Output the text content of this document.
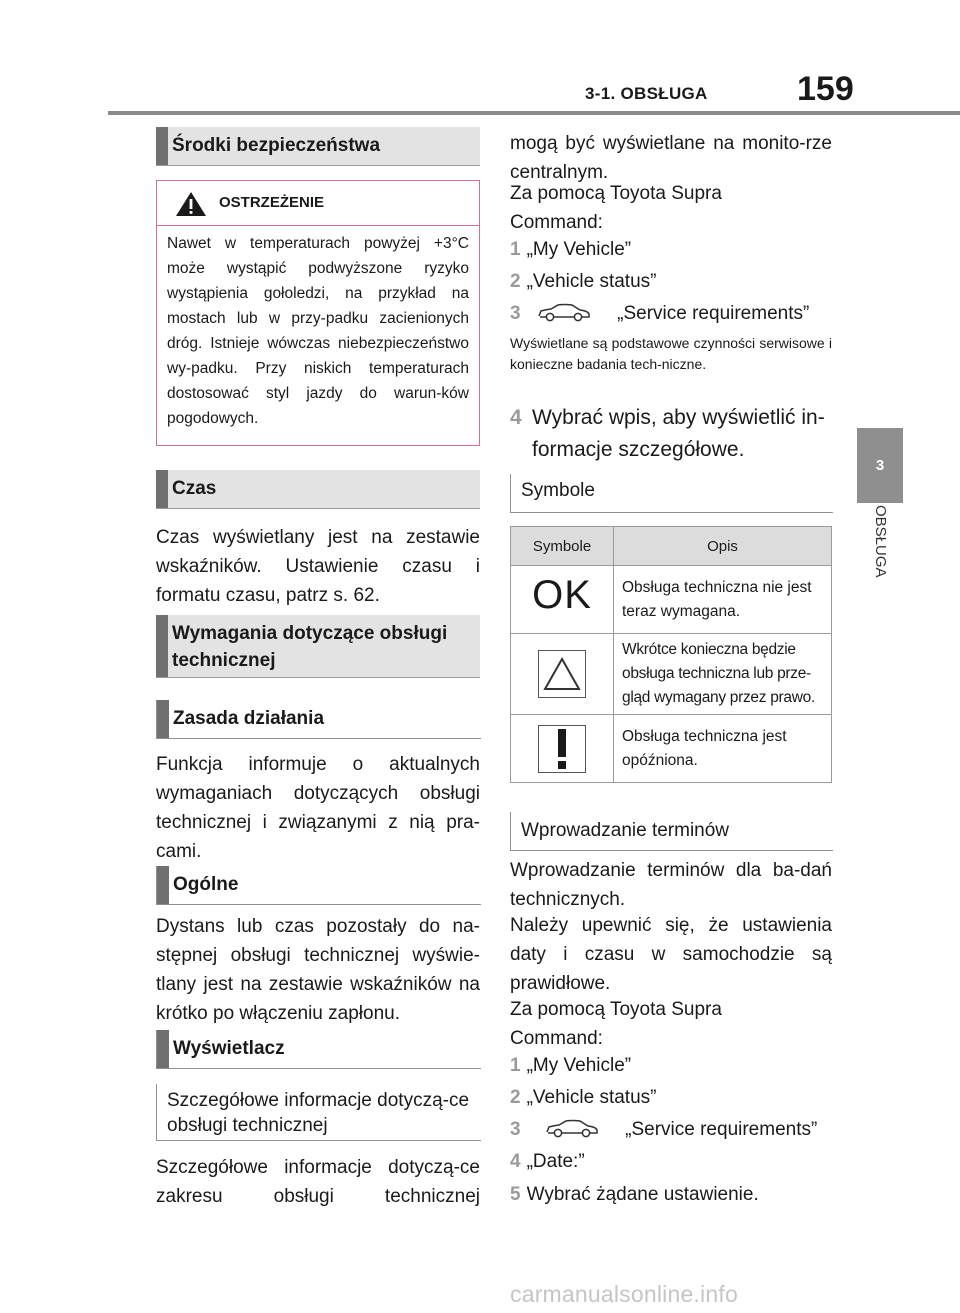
3-1. OBSŁUGA	159
3
OBSŁUGA
Środki bezpieczeństwa
OSTRZEŻENIE
Nawet w temperaturach powyżej +3°C może wystąpić podwyższone ryzyko wystąpienia gołoledzi, na przykład na mostach lub w przy-padku zacienionych dróg. Istnieje wówczas niebezpieczeństwo wy-padku. Przy niskich temperaturach dostosować styl jazdy do warun-ków pogodowych.
Czas
Czas wyświetlany jest na zestawie wskaźników. Ustawienie czasu i formatu czasu, patrz s. 62.
Wymagania dotyczące obsługi technicznej
Zasada działania
Funkcja informuje o aktualnych wymaganiach dotyczących obsługi technicznej i związanymi z nią pra-cami.
Ogólne
Dystans lub czas pozostały do na-stępnej obsługi technicznej wyświe-tlany jest na zestawie wskaźników na krótko po włączeniu zapłonu.
Wyświetlacz
Szczegółowe informacje dotyczą-ce obsługi technicznej
Szczegółowe informacje dotyczą-ce zakresu obsługi technicznej
mogą być wyświetlane na monito-rze centralnym.
Za pomocą Toyota Supra Command:
1 „My Vehicle”
2 „Vehicle status”
3	„Service requirements”
Wyświetlane są podstawowe czynności serwisowe i konieczne badania tech-niczne.
4 Wybrać wpis, aby wyświetlić in-formacje szczegółowe.
Symbole
Symbole	Opis
OK	Obsługa techniczna nie jest teraz wymagana.
	Wkrótce konieczna będzie obsługa techniczna lub prze-gląd wymagany przez prawo.
	Obsługa techniczna jest opóźniona.
Wprowadzanie terminów
Wprowadzanie terminów dla ba-dań technicznych.
Należy upewnić się, że ustawienia daty i czasu w samochodzie są prawidłowe.
Za pomocą Toyota Supra Command:
1 „My Vehicle”
2 „Vehicle status”
3	„Service requirements”
4 „Date:”
5 Wybrać żądane ustawienie.
carmanualsonline.info
